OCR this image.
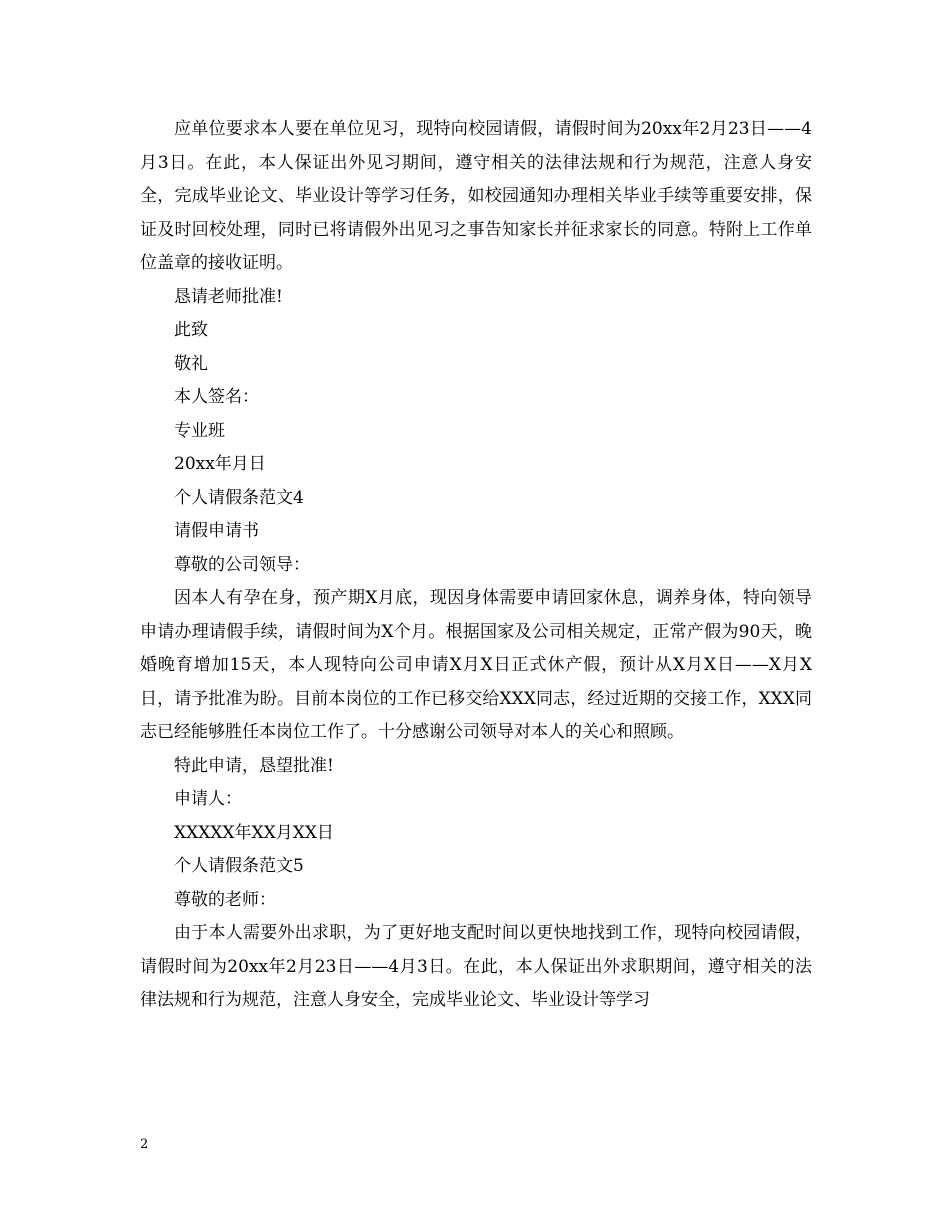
应单位要求本人要在单位见习，现特向校园请假，请假时间为20xx年2月23日——4月3日。在此，本人保证出外见习期间，遵守相关的法律法规和行为规范，注意人身安全，完成毕业论文、毕业设计等学习任务，如校园通知办理相关毕业手续等重要安排，保证及时回校处理，同时已将请假外出见习之事告知家长并征求家长的同意。特附上工作单位盖章的接收证明。

恳请老师批准!

此致

敬礼

本人签名：

专业班

20xx年月日

个人请假条范文4

请假申请书

尊敬的公司领导：

因本人有孕在身，预产期X月底，现因身体需要申请回家休息，调养身体，特向领导申请办理请假手续，请假时间为X个月。根据国家及公司相关规定，正常产假为90天，晚婚晚育增加15天，本人现特向公司申请X月X日正式休产假，预计从X月X日——X月X日，请予批准为盼。目前本岗位的工作已移交给XXX同志，经过近期的交接工作，XXX同志已经能够胜任本岗位工作了。十分感谢公司领导对本人的关心和照顾。

特此申请，恳望批准!

申请人：

XXXXX年XX月XX日

个人请假条范文5

尊敬的老师：

由于本人需要外出求职，为了更好地支配时间以更快地找到工作，现特向校园请假，请假时间为20xx年2月23日——4月3日。在此，本人保证出外求职期间，遵守相关的法律法规和行为规范，注意人身安全，完成毕业论文、毕业设计等学习

2
